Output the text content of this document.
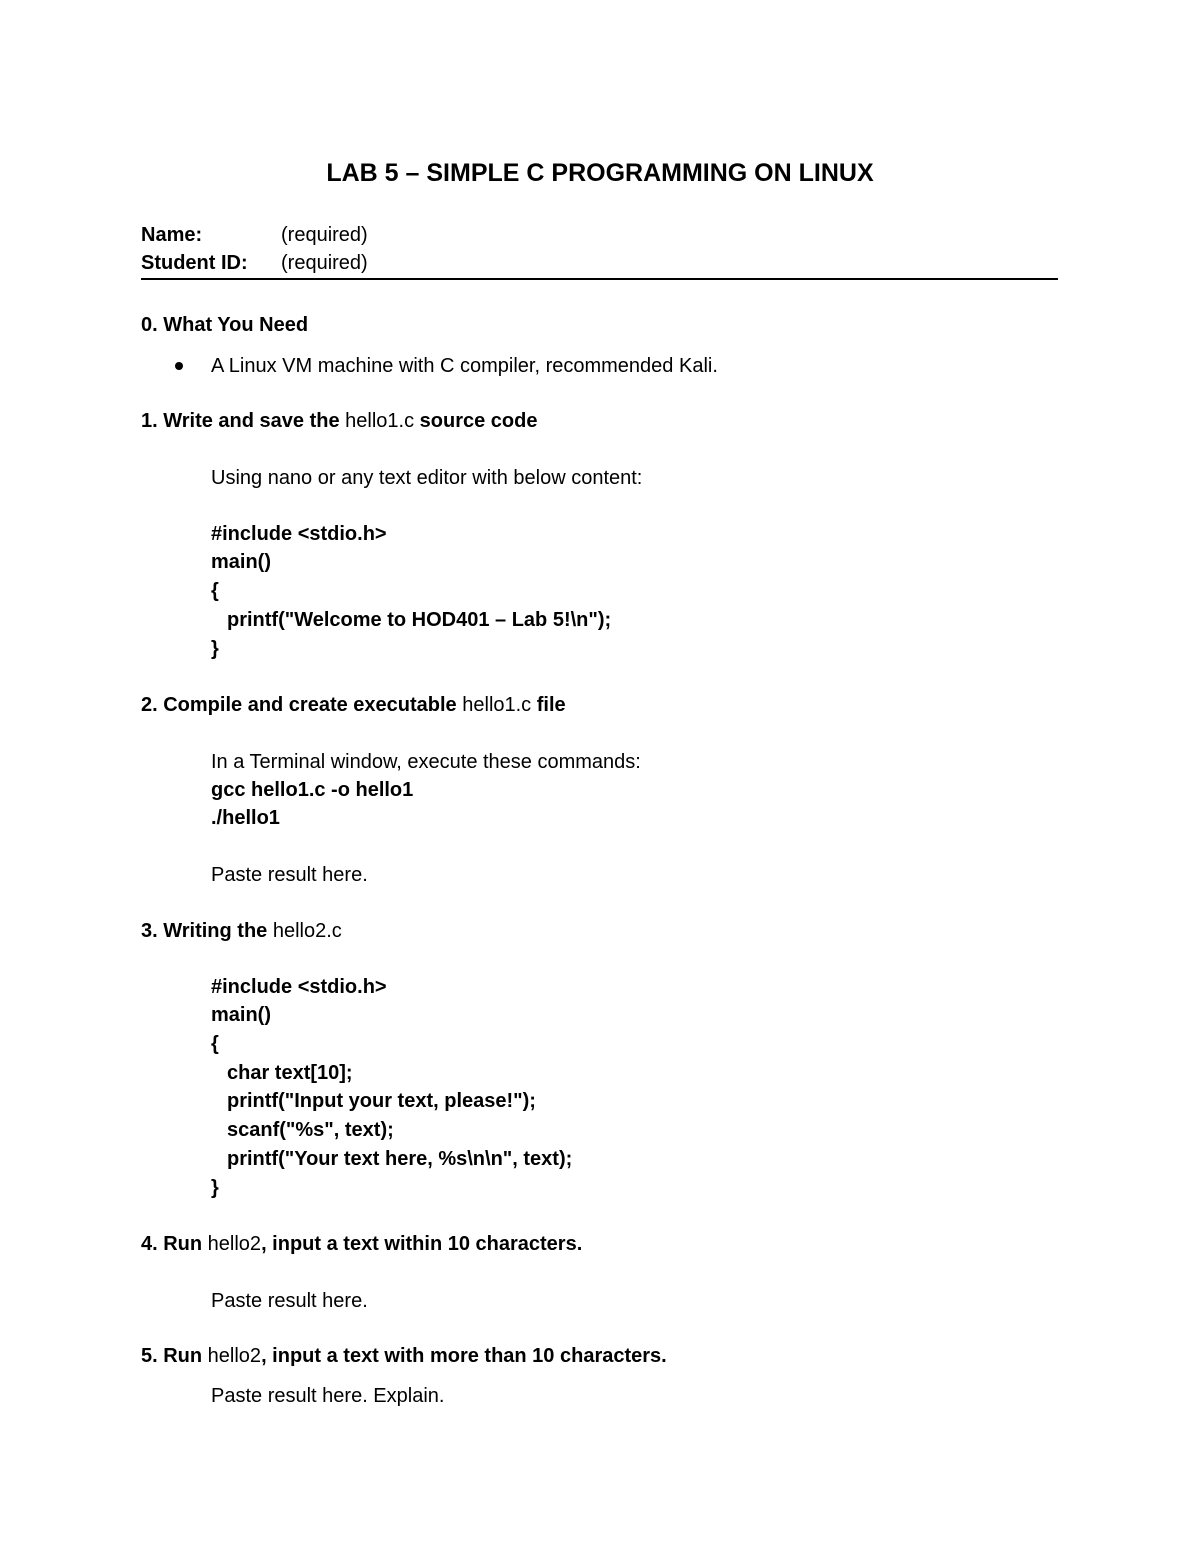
LAB 5 – SIMPLE C PROGRAMMING ON LINUX
Name:	(required)
Student ID: (required)
0. What You Need
A Linux VM machine with C compiler, recommended Kali.
1. Write and save the hello1.c source code
Using nano or any text editor with below content:
#include <stdio.h>
main()
{
printf("Welcome to HOD401 – Lab 5!\n");
}
2. Compile and create executable hello1.c file
In a Terminal window, execute these commands:
gcc hello1.c -o hello1
./hello1
Paste result here.
3. Writing the hello2.c
#include <stdio.h>
main()
{
char text[10];
printf("Input your text, please!");
scanf("%s", text);
printf("Your text here, %s\n\n", text);
}
4. Run hello2, input a text within 10 characters.
Paste result here.
5. Run hello2, input a text with more than 10 characters.
Paste result here. Explain.
